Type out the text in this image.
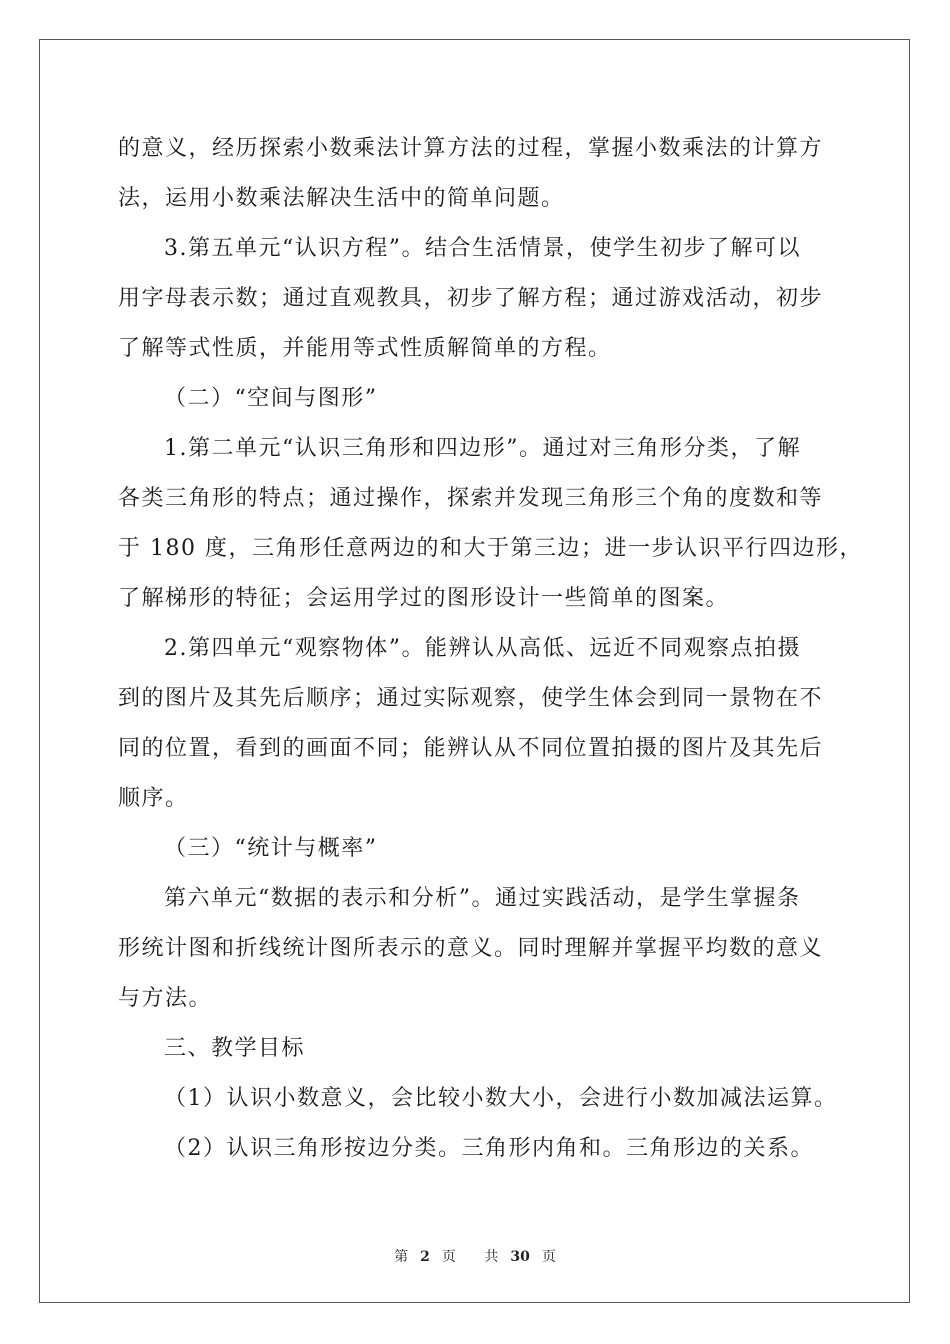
的意义，经历探索小数乘法计算方法的过程，掌握小数乘法的计算方
法，运用小数乘法解决生活中的简单问题。
3.第五单元“认识方程”。结合生活情景，使学生初步了解可以
用字母表示数；通过直观教具，初步了解方程；通过游戏活动，初步
了解等式性质，并能用等式性质解简单的方程。
（二）“空间与图形”
1.第二单元“认识三角形和四边形”。通过对三角形分类，了解
各类三角形的特点；通过操作，探索并发现三角形三个角的度数和等
于 180 度，三角形任意两边的和大于第三边；进一步认识平行四边形，
了解梯形的特征；会运用学过的图形设计一些简单的图案。
2.第四单元“观察物体”。能辨认从高低、远近不同观察点拍摄
到的图片及其先后顺序；通过实际观察，使学生体会到同一景物在不
同的位置，看到的画面不同；能辨认从不同位置拍摄的图片及其先后
顺序。
（三）“统计与概率”
第六单元“数据的表示和分析”。通过实践活动，是学生掌握条
形统计图和折线统计图所表示的意义。同时理解并掌握平均数的意义
与方法。
三、教学目标
（1）认识小数意义，会比较小数大小，会进行小数加减法运算。
（2）认识三角形按边分类。三角形内角和。三角形边的关系。
第 2 页 共 30 页
